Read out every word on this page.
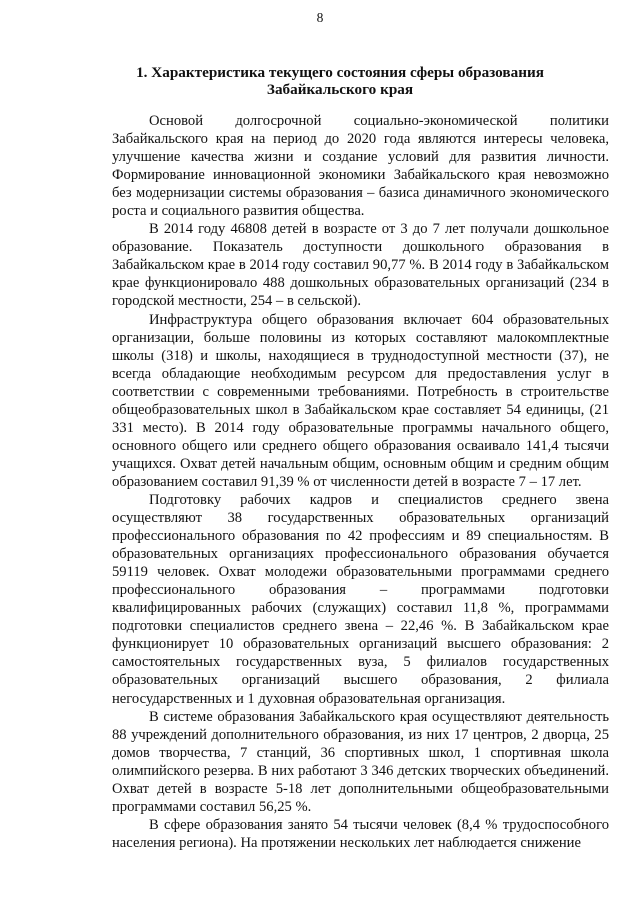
8
1. Характеристика текущего состояния сферы образования
Забайкальского края

Основой долгосрочной социально-экономической политики Забайкальского края на период до 2020 года являются интересы человека, улучшение качества жизни и создание условий для развития личности. Формирование инновационной экономики Забайкальского края невозможно без модернизации системы образования – базиса динамичного экономического роста и социального развития общества.

В 2014 году 46808 детей в возрасте от 3 до 7 лет получали дошкольное образование. Показатель доступности дошкольного образования в Забайкальском крае в 2014 году составил 90,77 %. В 2014 году в Забайкальском крае функционировало 488 дошкольных образовательных организаций (234 в городской местности, 254 – в сельской).

Инфраструктура общего образования включает 604 образовательных организации, больше половины из которых составляют малокомплектные школы (318) и школы, находящиеся в труднодоступной местности (37), не всегда обладающие необходимым ресурсом для предоставления услуг в соответствии с современными требованиями. Потребность в строительстве общеобразовательных школ в Забайкальском крае составляет 54 единицы, (21 331 место). В 2014 году образовательные программы начального общего, основного общего или среднего общего образования осваивало 141,4 тысячи учащихся. Охват детей начальным общим, основным общим и средним общим образованием составил 91,39 % от численности детей в возрасте 7 – 17 лет.

Подготовку рабочих кадров и специалистов среднего звена осуществляют 38 государственных образовательных организаций профессионального образования по 42 профессиям и 89 специальностям. В образовательных организациях профессионального образования обучается 59119 человек. Охват молодежи образовательными программами среднего профессионального образования – программами подготовки квалифицированных рабочих (служащих) составил 11,8 %, программами подготовки специалистов среднего звена – 22,46 %. В Забайкальском крае функционирует 10 образовательных организаций высшего образования: 2 самостоятельных государственных вуза, 5 филиалов государственных образовательных организаций высшего образования, 2 филиала негосударственных и 1 духовная образовательная организация.

В системе образования Забайкальского края осуществляют деятельность 88 учреждений дополнительного образования, из них 17 центров, 2 дворца, 25 домов творчества, 7 станций, 36 спортивных школ, 1 спортивная школа олимпийского резерва. В них работают 3 346 детских творческих объединений. Охват детей в возрасте 5-18 лет дополнительными общеобразовательными программами составил 56,25 %.

В сфере образования занято 54 тысячи человек (8,4 % трудоспособного населения региона). На протяжении нескольких лет наблюдается снижение
